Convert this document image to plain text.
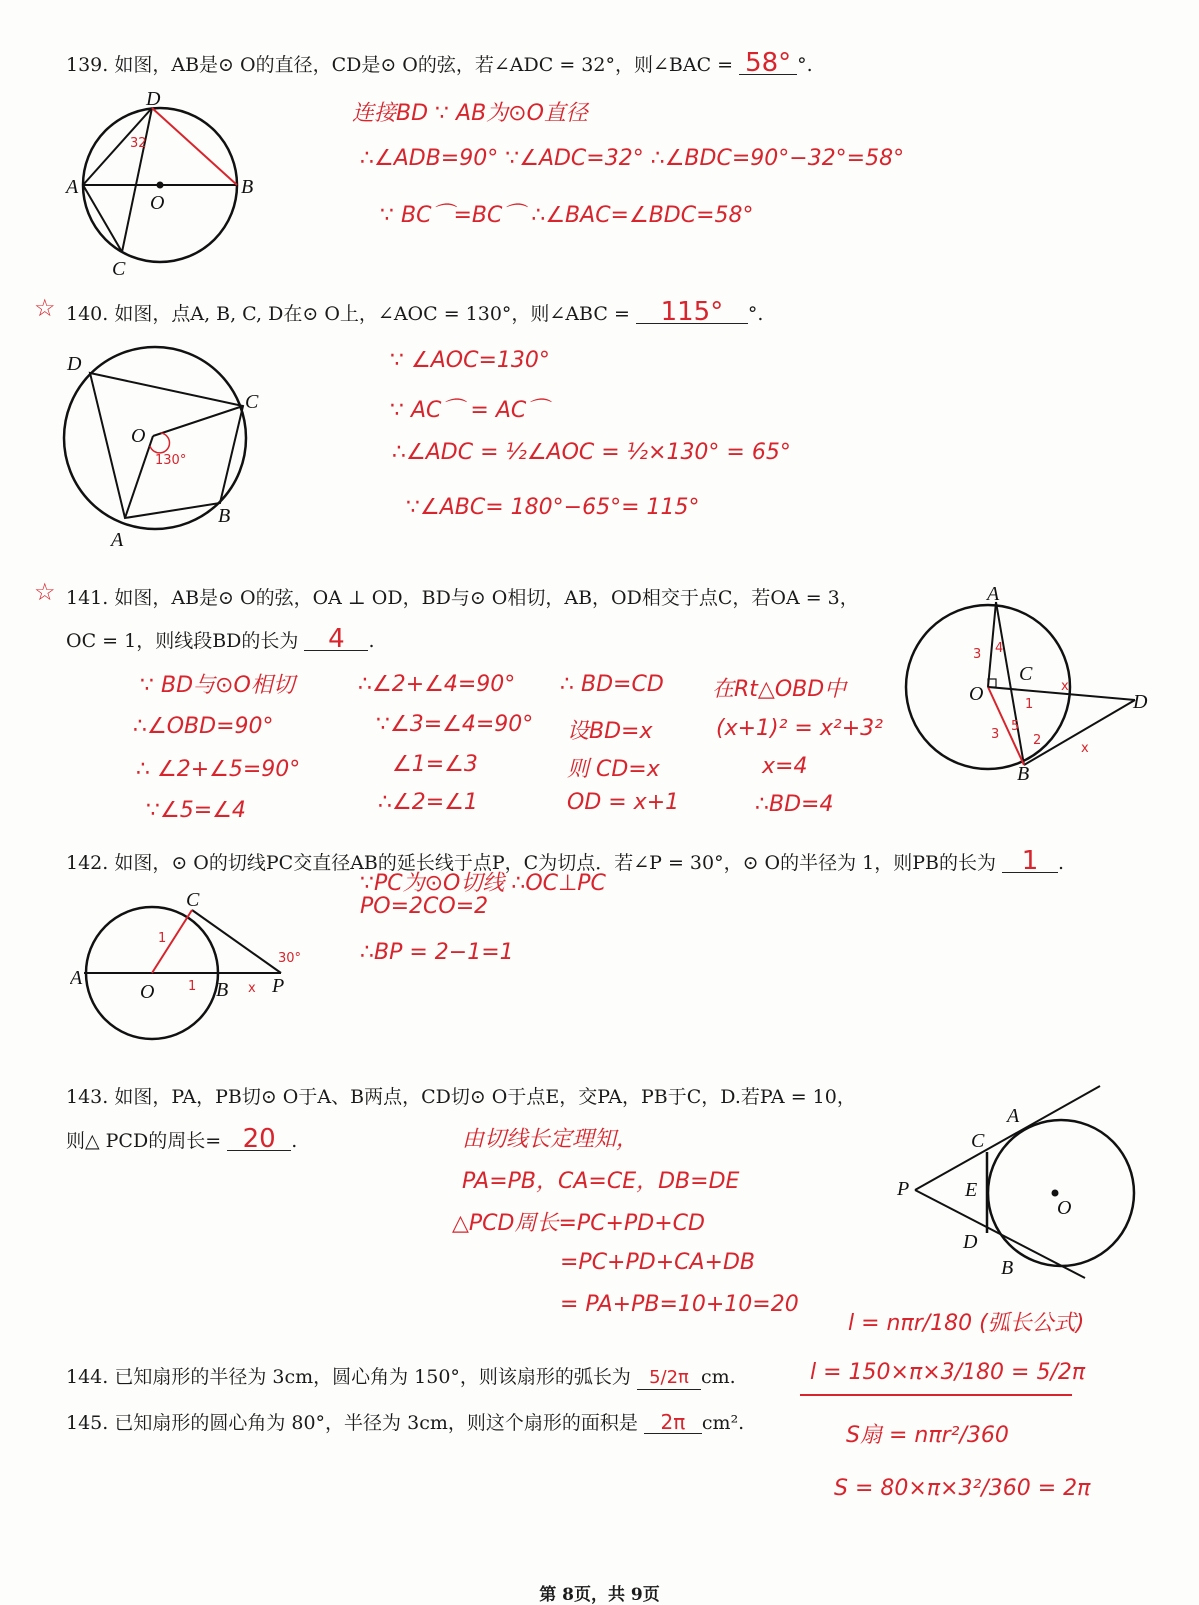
139. 如图，AB是⊙ O的直径，CD是⊙ O的弦，若∠ADC = 32°，则∠BAC = 58° °.
D
A
O
B
C
32
连接BD ∵ AB为⊙O直径
∴∠ADB=90° ∵∠ADC=32° ∴∠BDC=90°−32°=58°
∵ BC⌒=BC⌒ ∴∠BAC=∠BDC=58°
☆ 140. 如图，点A, B, C, D在⊙ O上，∠AOC = 130°，则∠ABC = 115° °.
D
C
O
B
A
130°
∵ ∠AOC=130°
∵ AC⌒ = AC⌒
∴∠ADC = ½∠AOC = ½×130° = 65°
∵∠ABC= 180°−65°= 115°
☆ 141. 如图，AB是⊙ O的弦，OA ⊥ OD，BD与⊙ O相切，AB，OD相交于点C，若OA = 3，
OC = 1，则线段BD的长为 4 .
A
C
O	D
B
3 4
3
5
1
2
x
x
∵ BD与⊙O相切
∴∠OBD=90°
∴ ∠2+∠5=90°
∵∠5=∠4
∴∠2+∠4=90°
∵∠3=∠4=90°
∠1=∠3
∴∠2=∠1
∴ BD=CD
设BD=x
则 CD=x
OD = x+1
在Rt△OBD中
(x+1)² = x²+3²
x=4
∴BD=4
142. 如图，⊙ O的切线PC交直径AB的延长线于点P，C为切点．若∠P = 30°，⊙ O的半径为 1，则PB的长为 1 .
C
A
O	B P
1
1	x
30°
∵PC为⊙O切线 ∴OC⊥PC
PO=2CO=2
∴BP = 2−1=1
143. 如图，PA，PB切⊙ O于A、B两点，CD切⊙ O于点E，交PA，PB于C，D.若PA = 10，
则△ PCD的周长= 20 .
A
C
P	E
O
D
B
由切线长定理知，
PA=PB，CA=CE，DB=DE
△PCD周长=PC+PD+CD
=PC+PD+CA+DB
= PA+PB=10+10=20
144. 已知扇形的半径为 3cm，圆心角为 150°，则该扇形的弧长为 5/2π cm.
145. 已知扇形的圆心角为 80°，半径为 3cm，则这个扇形的面积是 2π cm².
l = nπr/180 (弧长公式)
l = 150×π×3/180 = 5/2π
S扇 = nπr²/360
S = 80×π×3²/360 = 2π
第 8页，共 9页
